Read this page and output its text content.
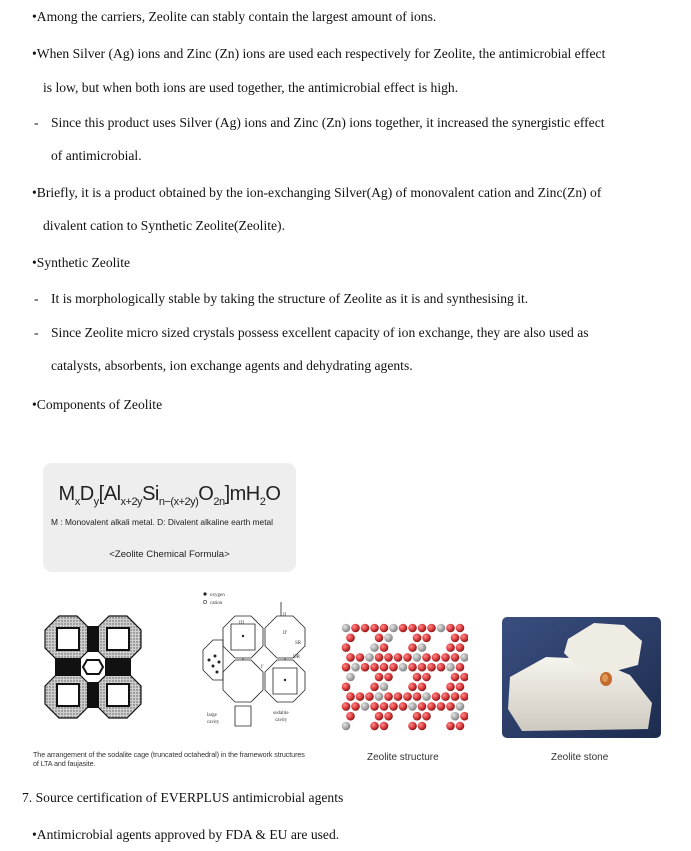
•Among the carriers, Zeolite can stably contain the largest amount of ions.
•When Silver (Ag) ions and Zinc (Zn) ions are used each respectively for Zeolite, the antimicrobial effect
is low, but when both ions are used together, the antimicrobial effect is high.
- Since this product uses Silver (Ag) ions and Zinc (Zn) ions together, it increased the synergistic effect
of antimicrobial.
•Briefly, it is a product obtained by the ion-exchanging Silver(Ag) of monovalent cation and Zinc(Zn) of
divalent cation to Synthetic Zeolite(Zeolite).
•Synthetic Zeolite
- It is morphologically stable by taking the structure of Zeolite as it is and synthesising it.
- Since Zeolite micro sized crystals possess excellent capacity of ion exchange, they are also used as
catalysts, absorbents, ion exchange agents and dehydrating agents.
•Components of Zeolite
$M_xD_y[Al_{x+2y}Si_{n-(x+2y)}O_{2n}]mH_2O$
M : Monovalent alkali metal. D: Divalent alkaline earth metal
<Zeolite Chemical Formula>
oxygen
cation
III
II
II'
SR
DR
I'
large
cavity
sodalite
cavity
The arrangement of the sodalite cage (truncated octahedral) in the framework structures
of LTA and faujasite.	Zeolite structure	Zeolite stone
7. Source certification of EVERPLUS antimicrobial agents
•Antimicrobial agents approved by FDA & EU are used.
